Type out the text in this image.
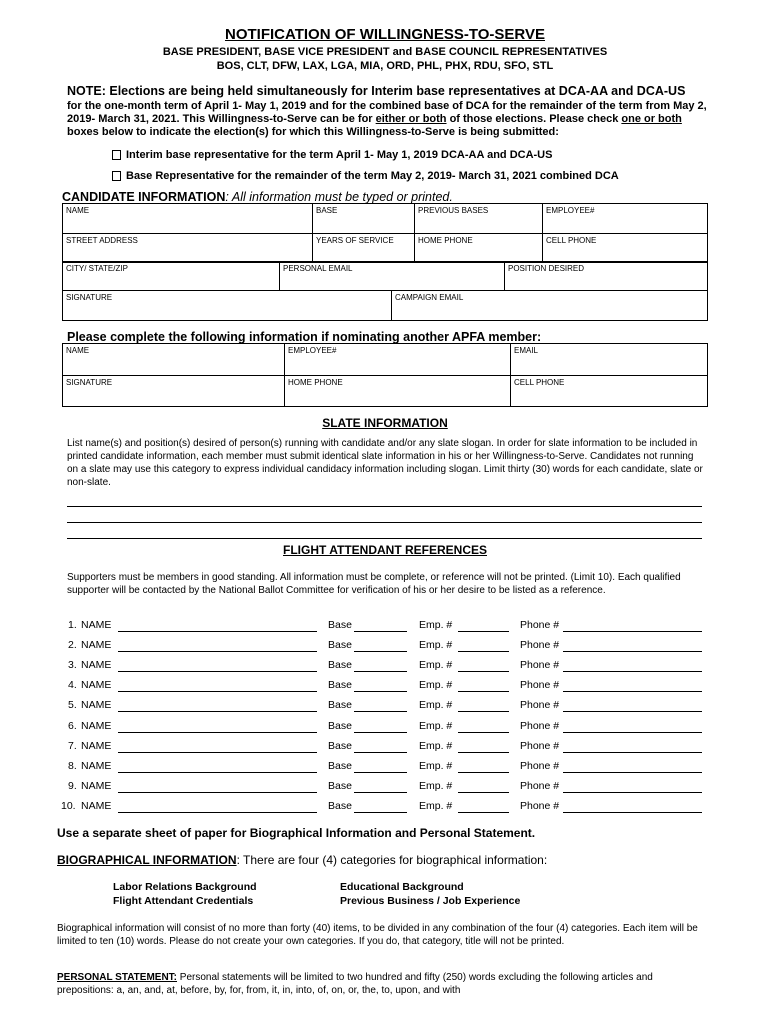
NOTIFICATION OF WILLINGNESS-TO-SERVE
BASE PRESIDENT, BASE VICE PRESIDENT and BASE COUNCIL REPRESENTATIVES
BOS, CLT, DFW, LAX, LGA, MIA, ORD, PHL, PHX, RDU, SFO, STL
NOTE: Elections are being held simultaneously for Interim base representatives at DCA-AA and DCA-US
for the one-month term of April 1- May 1, 2019 and for the combined base of DCA for the remainder of the term from May 2, 2019- March 31, 2021. This Willingness-to-Serve can be for either or both of those elections. Please check one or both boxes below to indicate the election(s) for which this Willingness-to-Serve is being submitted:
Interim base representative for the term April 1- May 1, 2019 DCA-AA and DCA-US
Base Representative for the remainder of the term May 2, 2019- March 31, 2021 combined DCA
CANDIDATE INFORMATION: All information must be typed or printed.
NAME	BASE	PREVIOUS BASES	EMPLOYEE#
STREET ADDRESS	YEARS OF SERVICE	HOME PHONE	CELL PHONE
CITY/ STATE/ZIP	PERSONAL EMAIL	POSITION DESIRED
SIGNATURE	CAMPAIGN EMAIL
Please complete the following information if nominating another APFA member:
NAME	EMPLOYEE#	EMAIL
SIGNATURE	HOME PHONE	CELL PHONE
SLATE INFORMATION
List name(s) and position(s) desired of person(s) running with candidate and/or any slate slogan. In order for slate information to be included in printed candidate information, each member must submit identical slate information in his or her Willingness-to-Serve. Candidates not running on a slate may use this category to express individual candidacy information including slogan. Limit thirty (30) words for each candidate, slate or non-slate.
FLIGHT ATTENDANT REFERENCES
Supporters must be members in good standing. All information must be complete, or reference will not be printed. (Limit 10). Each qualified supporter will be contacted by the National Ballot Committee for verification of his or her desire to be listed as a reference.
1. NAME	Base	Emp. #	Phone #
2. NAME	Base	Emp. #	Phone #
3. NAME	Base	Emp. #	Phone #
4. NAME	Base	Emp. #	Phone #
5. NAME	Base	Emp. #	Phone #
6. NAME	Base	Emp. #	Phone #
7. NAME	Base	Emp. #	Phone #
8. NAME	Base	Emp. #	Phone #
9. NAME	Base	Emp. #	Phone #
10. NAME	Base	Emp. #	Phone #
Use a separate sheet of paper for Biographical Information and Personal Statement.
BIOGRAPHICAL INFORMATION: There are four (4) categories for biographical information:
Labor Relations Background
Flight Attendant Credentials
Educational Background
Previous Business / Job Experience
Biographical information will consist of no more than forty (40) items, to be divided in any combination of the four (4) categories. Each item will be limited to ten (10) words. Please do not create your own categories. If you do, that category, title will not be printed.
PERSONAL STATEMENT: Personal statements will be limited to two hundred and fifty (250) words excluding the following articles and prepositions: a, an, and, at, before, by, for, from, it, in, into, of, on, or, the, to, upon, and with
